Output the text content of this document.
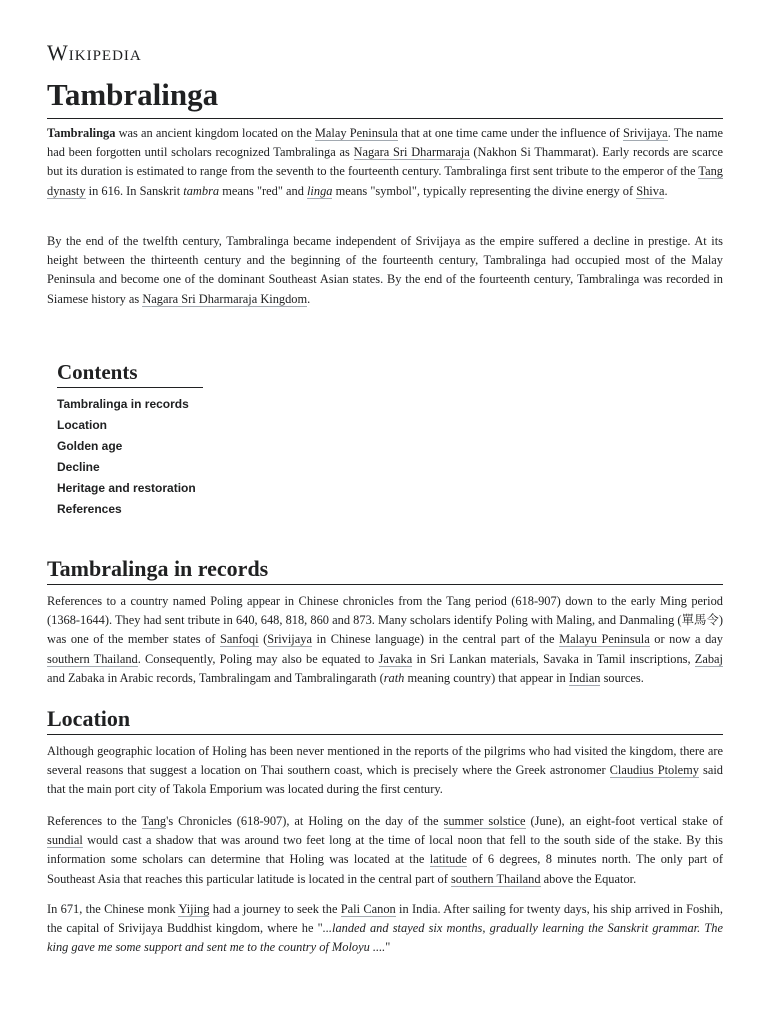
Wikipedia
Tambralinga

Tambralinga was an ancient kingdom located on the Malay Peninsula that at one time came under the influence of Srivijaya. The name had been forgotten until scholars recognized Tambralinga as Nagara Sri Dharmaraja (Nakhon Si Thammarat). Early records are scarce but its duration is estimated to range from the seventh to the fourteenth century. Tambralinga first sent tribute to the emperor of the Tang dynasty in 616. In Sanskrit tambra means "red" and linga means "symbol", typically representing the divine energy of Shiva.

By the end of the twelfth century, Tambralinga became independent of Srivijaya as the empire suffered a decline in prestige. At its height between the thirteenth century and the beginning of the fourteenth century, Tambralinga had occupied most of the Malay Peninsula and become one of the dominant Southeast Asian states. By the end of the fourteenth century, Tambralinga was recorded in Siamese history as Nagara Sri Dharmaraja Kingdom.

Contents
Tambralinga in records
Location
Golden age
Decline
Heritage and restoration
References
Tambralinga in records

References to a country named Poling appear in Chinese chronicles from the Tang period (618-907) down to the early Ming period (1368-1644). They had sent tribute in 640, 648, 818, 860 and 873. Many scholars identify Poling with Maling, and Danmaling (單馬令) was one of the member states of Sanfoqi (Srivijaya in Chinese language) in the central part of the Malayu Peninsula or now a day southern Thailand. Consequently, Poling may also be equated to Javaka in Sri Lankan materials, Savaka in Tamil inscriptions, Zabaj and Zabaka in Arabic records, Tambralingam and Tambralingarath (rath meaning country) that appear in Indian sources.

Location

Although geographic location of Holing has been never mentioned in the reports of the pilgrims who had visited the kingdom, there are several reasons that suggest a location on Thai southern coast, which is precisely where the Greek astronomer Claudius Ptolemy said that the main port city of Takola Emporium was located during the first century.

References to the Tang's Chronicles (618-907), at Holing on the day of the summer solstice (June), an eight-foot vertical stake of sundial would cast a shadow that was around two feet long at the time of local noon that fell to the south side of the stake. By this information some scholars can determine that Holing was located at the latitude of 6 degrees, 8 minutes north. The only part of Southeast Asia that reaches this particular latitude is located in the central part of southern Thailand above the Equator.

In 671, the Chinese monk Yijing had a journey to seek the Pali Canon in India. After sailing for twenty days, his ship arrived in Foshih, the capital of Srivijaya Buddhist kingdom, where he "...landed and stayed six months, gradually learning the Sanskrit grammar. The king gave me some support and sent me to the country of Moloyu ...."
